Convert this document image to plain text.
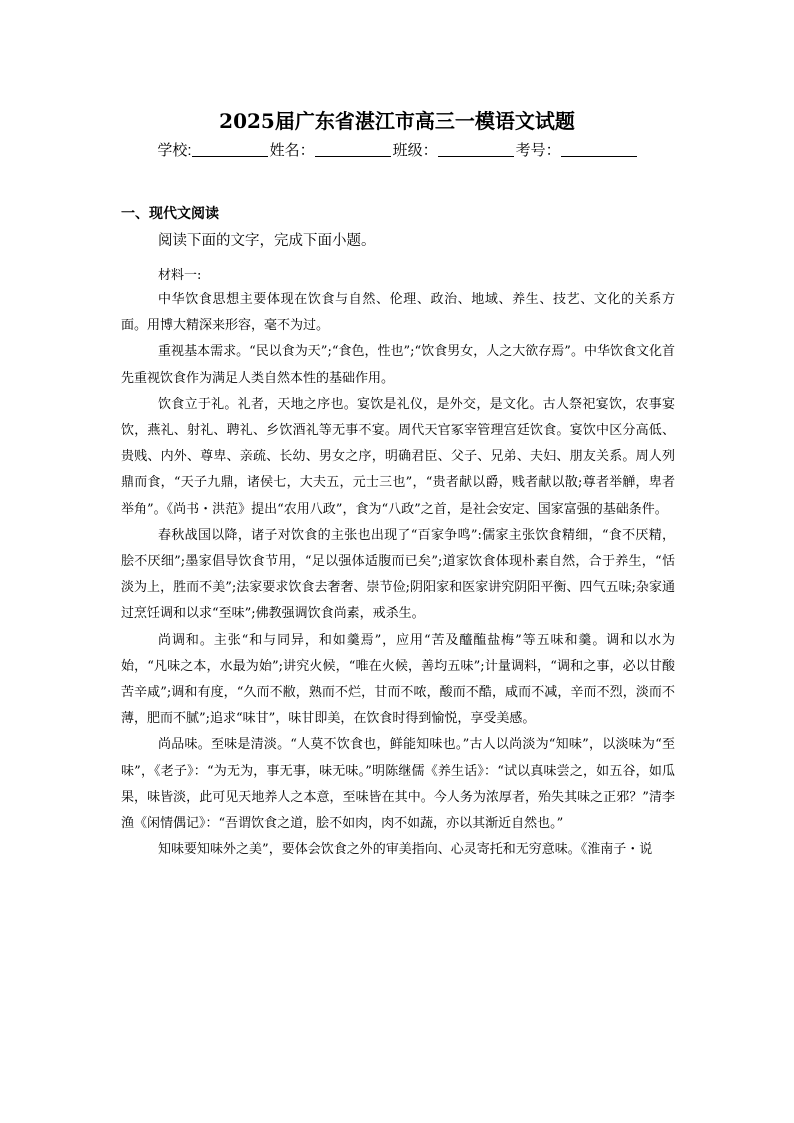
2025届广东省湛江市高三一模语文试题
学校:	姓名：	班级：	考号：
一、现代文阅读
阅读下面的文字，完成下面小题。
材料一:

中华饮食思想主要体现在饮食与自然、伦理、政治、地域、养生、技艺、文化的关系方面。用博大精深来形容，毫不为过。

重视基本需求。“民以食为天”;“食色，性也”;“饮食男女，人之大欲存焉”。中华饮食文化首先重视饮食作为满足人类自然本性的基础作用。

饮食立于礼。礼者，天地之序也。宴饮是礼仪，是外交，是文化。古人祭祀宴饮，农事宴饮，燕礼、射礼、聘礼、乡饮酒礼等无事不宴。周代天官冢宰管理宫廷饮食。宴饮中区分高低、贵贱、内外、尊卑、亲疏、长幼、男女之序，明确君臣、父子、兄弟、夫妇、朋友关系。周人列鼎而食，“天子九鼎，诸侯七，大夫五，元士三也”，“贵者献以爵，贱者献以散;尊者举觯，卑者举角”。《尚书・洪范》提出“农用八政”，食为“八政”之首，是社会安定、国家富强的基础条件。

春秋战国以降，诸子对饮食的主张也出现了“百家争鸣”:儒家主张饮食精细，“食不厌精，脍不厌细”;墨家倡导饮食节用，“足以强体适腹而已矣”;道家饮食体现朴素自然，合于养生，“恬淡为上，胜而不美”;法家要求饮食去奢奢、崇节俭;阴阳家和医家讲究阴阳平衡、四气五味;杂家通过烹饪调和以求“至味”;佛教强调饮食尚素，戒杀生。

尚调和。主张“和与同异，和如羹焉”，应用“苦及醯醢盐梅”等五味和羹。调和以水为始，“凡味之本，水最为始”;讲究火候，“唯在火候，善均五味”;计量调料，“调和之事，必以甘酸苦辛咸”;调和有度，“久而不敝，熟而不烂，甘而不哝，酸而不酷，咸而不减，辛而不烈，淡而不薄，肥而不腻”;追求“味甘”，味甘即美，在饮食时得到愉悦，享受美感。

尚品味。至味是清淡。“人莫不饮食也，鲜能知味也。”古人以尚淡为“知味”，以淡味为“至味”，《老子》：“为无为，事无事，味无味。”明陈继儒《养生话》：“试以真味尝之，如五谷，如瓜果，味皆淡，此可见天地养人之本意，至味皆在其中。今人务为浓厚者，殆失其味之正邪？”清李渔《闲情偶记》：“吾谓饮食之道，脍不如肉，肉不如蔬，亦以其渐近自然也。”

知味要知味外之美”，要体会饮食之外的审美指向、心灵寄托和无穷意味。《淮南子・说
